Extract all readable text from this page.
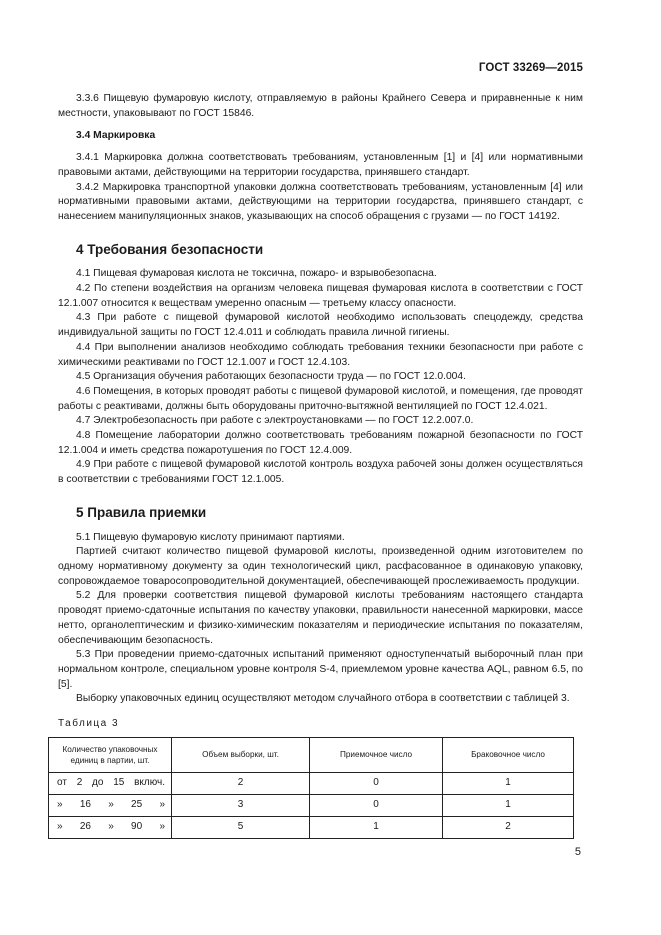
ГОСТ 33269—2015

3.3.6 Пищевую фумаровую кислоту, отправляемую в районы Крайнего Севера и приравненные к ним местности, упаковывают по ГОСТ 15846.

3.4 Маркировка

3.4.1 Маркировка должна соответствовать требованиям, установленным [1] и [4] или нормативными правовыми актами, действующими на территории государства, принявшего стандарт.

3.4.2 Маркировка транспортной упаковки должна соответствовать требованиям, установленным [4] или нормативными правовыми актами, действующими на территории государства, принявшего стандарт, с нанесением манипуляционных знаков, указывающих на способ обращения с грузами — по ГОСТ 14192.

4 Требования безопасности

4.1 Пищевая фумаровая кислота не токсична, пожаро- и взрывобезопасна.

4.2 По степени воздействия на организм человека пищевая фумаровая кислота в соответствии с ГОСТ 12.1.007 относится к веществам умеренно опасным — третьему классу опасности.

4.3 При работе с пищевой фумаровой кислотой необходимо использовать спецодежду, средства индивидуальной защиты по ГОСТ 12.4.011 и соблюдать правила личной гигиены.

4.4 При выполнении анализов необходимо соблюдать требования техники безопасности при работе с химическими реактивами по ГОСТ 12.1.007 и ГОСТ 12.4.103.

4.5 Организация обучения работающих безопасности труда — по ГОСТ 12.0.004.

4.6 Помещения, в которых проводят работы с пищевой фумаровой кислотой, и помещения, где проводят работы с реактивами, должны быть оборудованы приточно-вытяжной вентиляцией по ГОСТ 12.4.021.

4.7 Электробезопасность при работе с электроустановками — по ГОСТ 12.2.007.0.

4.8 Помещение лаборатории должно соответствовать требованиям пожарной безопасности по ГОСТ 12.1.004 и иметь средства пожаротушения по ГОСТ 12.4.009.

4.9 При работе с пищевой фумаровой кислотой контроль воздуха рабочей зоны должен осуществляться в соответствии с требованиями ГОСТ 12.1.005.

5 Правила приемки

5.1 Пищевую фумаровую кислоту принимают партиями.

Партией считают количество пищевой фумаровой кислоты, произведенной одним изготовителем по одному нормативному документу за один технологический цикл, расфасованное в одинаковую упаковку, сопровождаемое товаросопроводительной документацией, обеспечивающей прослеживаемость продукции.

5.2 Для проверки соответствия пищевой фумаровой кислоты требованиям настоящего стандарта проводят приемо-сдаточные испытания по качеству упаковки, правильности нанесенной маркировки, массе нетто, органолептическим и физико-химическим показателям и периодические испытания по показателям, обеспечивающим безопасность.

5.3 При проведении приемо-сдаточных испытаний применяют одноступенчатый выборочный план при нормальном контроле, специальном уровне контроля S-4, приемлемом уровне качества AQL, равном 6.5, по [5].

Выборку упаковочных единиц осуществляют методом случайного отбора в соответствии с таблицей 3.

Таблица 3
Количество упаковочных единиц в партии, шт.	Объем выборки, шт.	Приемочное число	Браковочное число

от 2 до 15 включ.	2	0	1

» 16 » 25 »	3	0	1

» 26 » 90 »	5	1	2
5
